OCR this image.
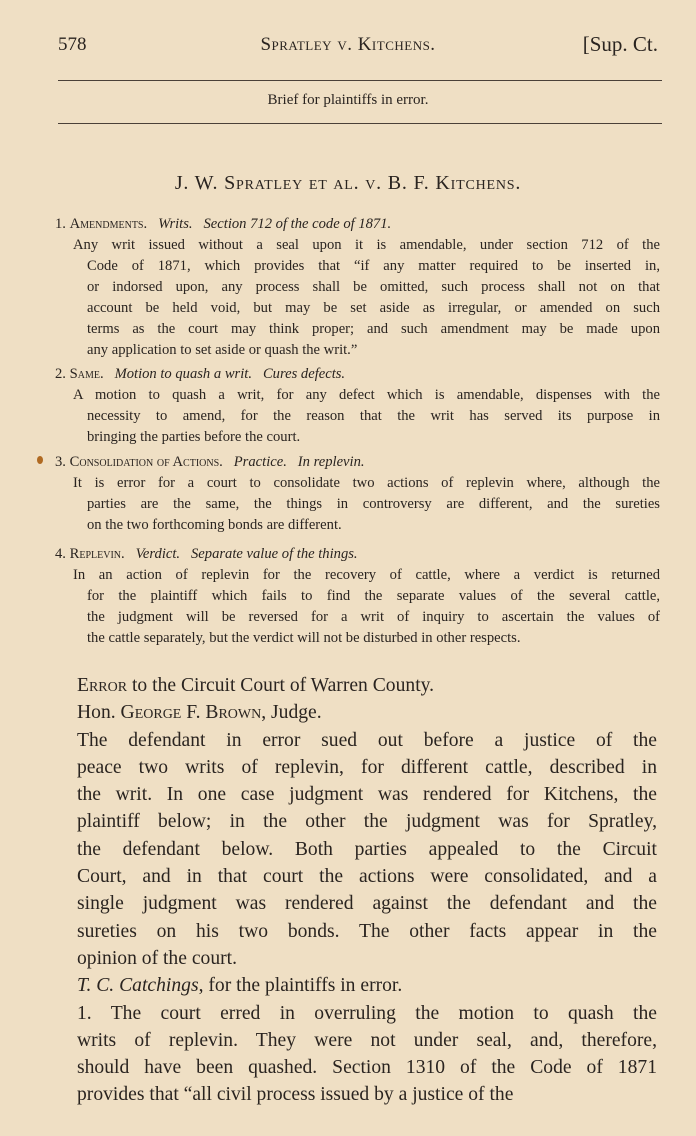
578	Spratley v. Kitchens.	[Sup. Ct.
Brief for plaintiffs in error.
J. W. Spratley et al. v. B. F. Kitchens.
1. Amendments. Writs.   Section 712 of the code of 1871.
Any writ issued without a seal upon it is amendable, under section 712 of the
Code of 1871, which provides that “if any matter required to be inserted in,
or indorsed upon, any process shall be omitted, such process shall not on that
account be held void, but may be set aside as irregular, or amended on such
terms as the court may think proper; and such amendment may be made upon
any application to set aside or quash the writ.”
2. Same. Motion to quash a writ.   Cures defects.
A motion to quash a writ, for any defect which is amendable, dispenses with the
necessity to amend, for the reason that the writ has served its purpose in
bringing the parties before the court.
3. Consolidation of Actions. Practice.   In replevin.
It is error for a court to consolidate two actions of replevin where, although the
parties are the same, the things in controversy are different, and the sureties
on the two forthcoming bonds are different.
4. Replevin. Verdict.   Separate value of the things.
In an action of replevin for the recovery of cattle, where a verdict is returned
for the plaintiff which fails to find the separate values of the several cattle,
the judgment will be reversed for a writ of inquiry to ascertain the values of
the cattle separately, but the verdict will not be disturbed in other respects.
Error to the Circuit Court of Warren County.
Hon. George F. Brown, Judge.
The defendant in error sued out before a justice of the
peace two writs of replevin, for different cattle, described in
the writ. In one case judgment was rendered for Kitchens, the
plaintiff below; in the other the judgment was for Spratley,
the defendant below. Both parties appealed to the Circuit
Court, and in that court the actions were consolidated, and a
single judgment was rendered against the defendant and the
sureties on his two bonds. The other facts appear in the
opinion of the court.
T. C. Catchings, for the plaintiffs in error.
1. The court erred in overruling the motion to quash the
writs of replevin. They were not under seal, and, therefore,
should have been quashed. Section 1310 of the Code of 1871
provides that “all civil process issued by a justice of the
